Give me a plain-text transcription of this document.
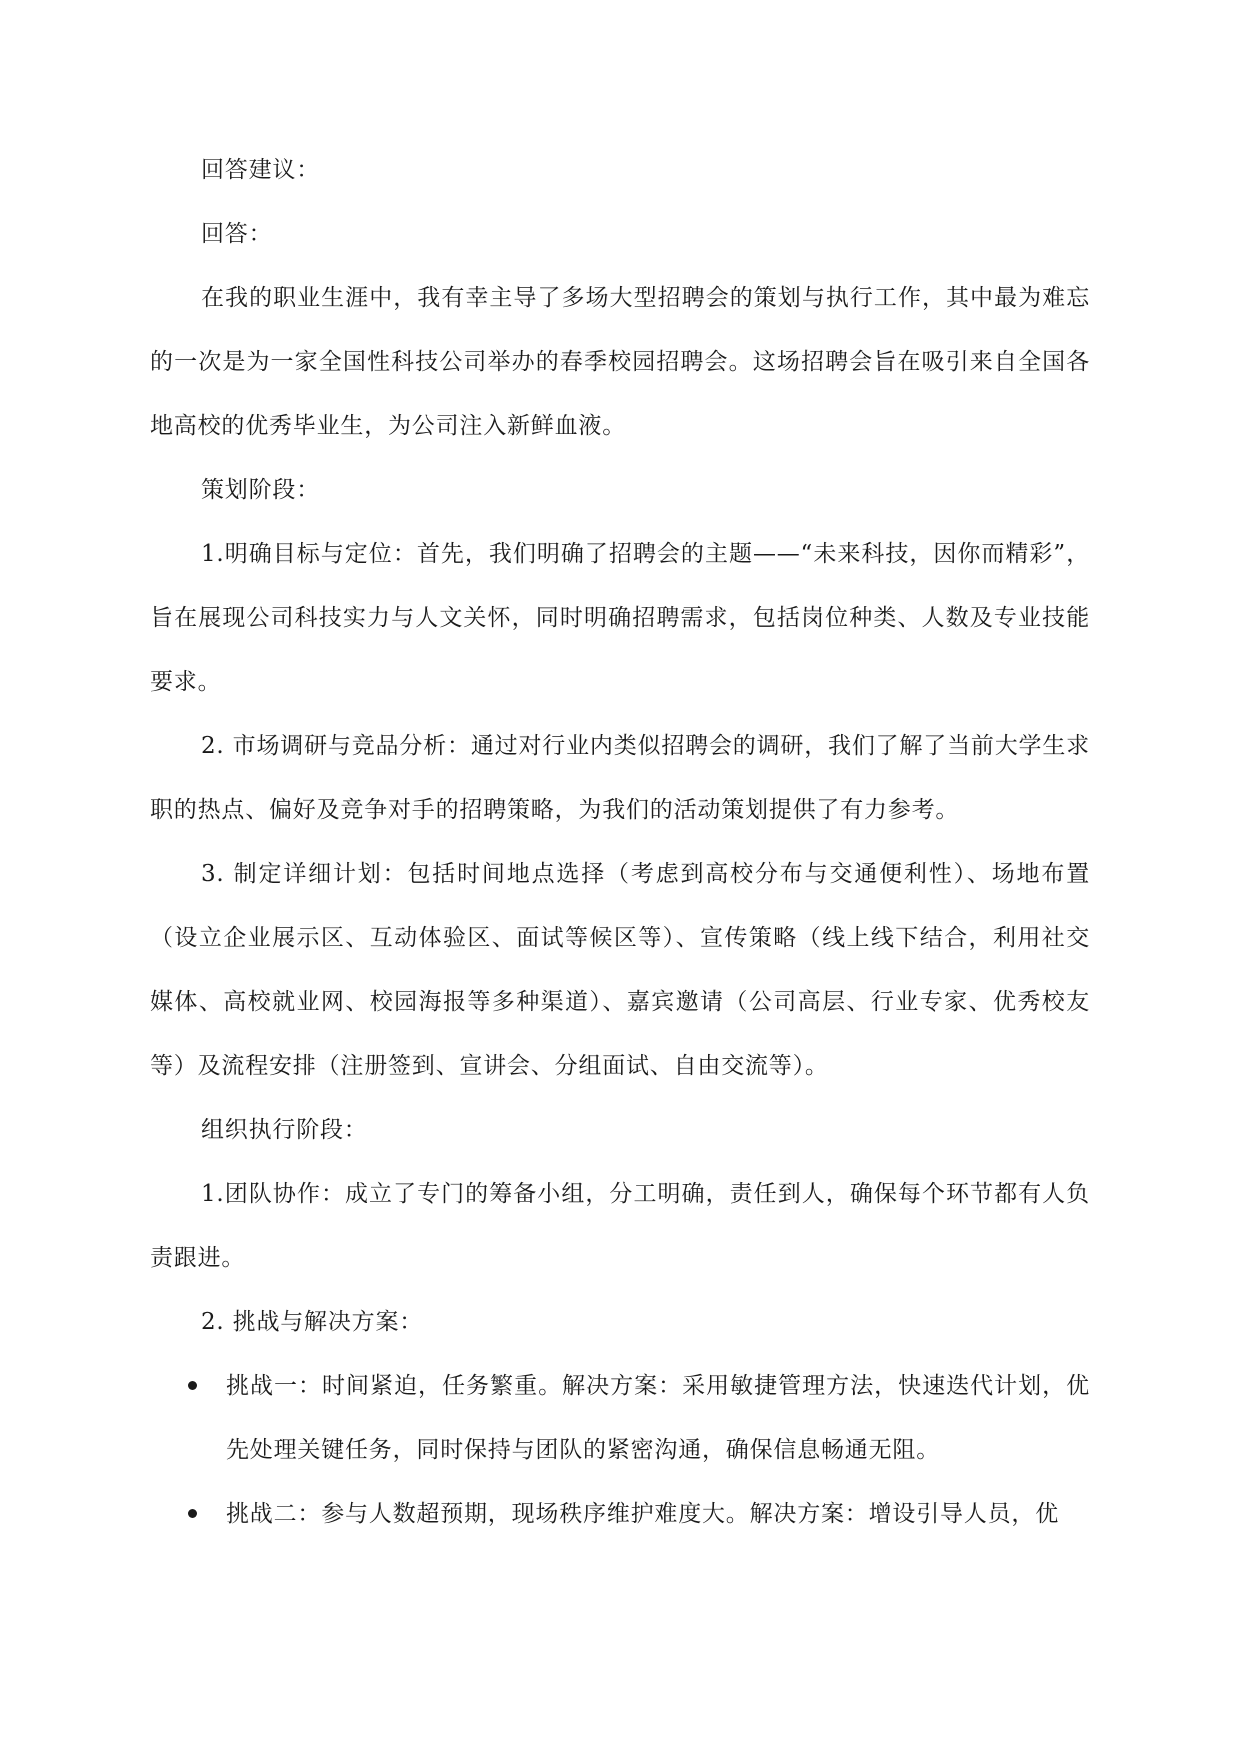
回答建议：

回答：

在我的职业生涯中，我有幸主导了多场大型招聘会的策划与执行工作，其中最为难忘的一次是为一家全国性科技公司举办的春季校园招聘会。这场招聘会旨在吸引来自全国各地高校的优秀毕业生，为公司注入新鲜血液。

策划阶段：

1.明确目标与定位：首先，我们明确了招聘会的主题——“未来科技，因你而精彩”，旨在展现公司科技实力与人文关怀，同时明确招聘需求，包括岗位种类、人数及专业技能要求。

2. 市场调研与竞品分析：通过对行业内类似招聘会的调研，我们了解了当前大学生求职的热点、偏好及竞争对手的招聘策略，为我们的活动策划提供了有力参考。

3. 制定详细计划：包括时间地点选择（考虑到高校分布与交通便利性）、场地布置（设立企业展示区、互动体验区、面试等候区等）、宣传策略（线上线下结合，利用社交媒体、高校就业网、校园海报等多种渠道）、嘉宾邀请（公司高层、行业专家、优秀校友等）及流程安排（注册签到、宣讲会、分组面试、自由交流等）。

组织执行阶段：

1.团队协作：成立了专门的筹备小组，分工明确，责任到人，确保每个环节都有人负责跟进。

2. 挑战与解决方案：

挑战一：时间紧迫，任务繁重。解决方案：采用敏捷管理方法，快速迭代计划，优先处理关键任务，同时保持与团队的紧密沟通，确保信息畅通无阻。
挑战二：参与人数超预期，现场秩序维护难度大。解决方案：增设引导人员，优
